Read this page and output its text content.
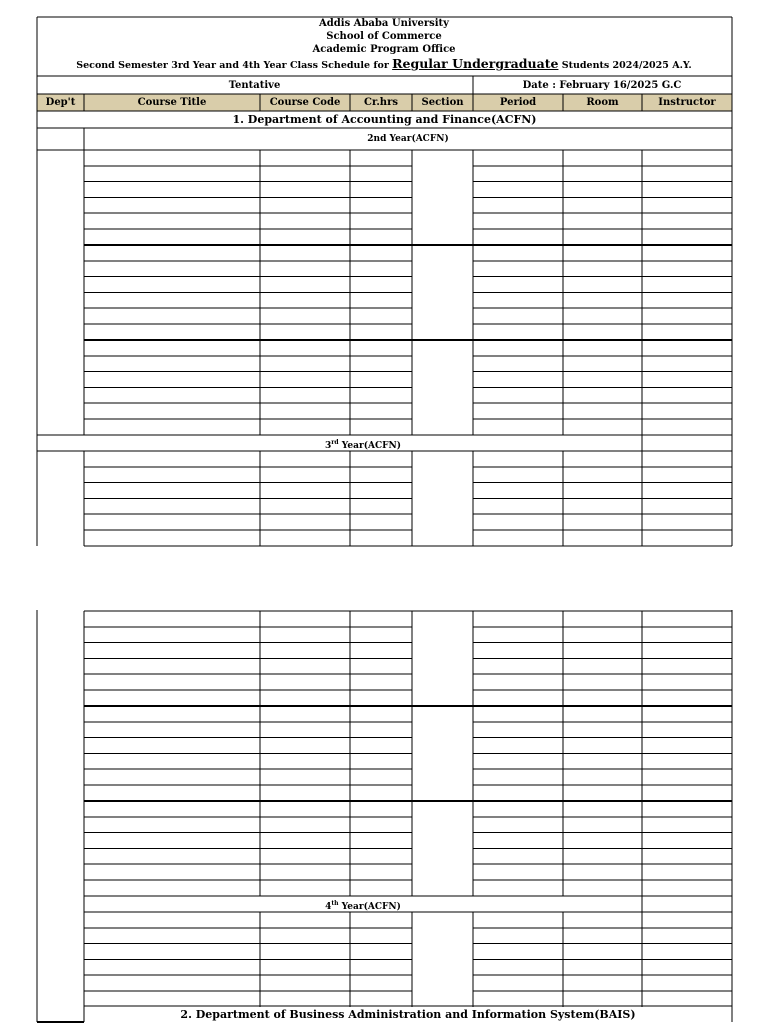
Addis Ababa University
School of Commerce
Academic Program Office
Second Semester 3rd Year and 4th Year Class Schedule for Regular Undergraduate Students 2024/2025 A.Y.
Tentative	Date : February 16/2025 G.C
Dep't	Course Title	Course Code	Cr.hrs	Section	Period	Room	Instructor
1. Department of Accounting and Finance(ACFN)
2nd Year(ACFN)
3rd Year(ACFN)
4th Year(ACFN)
2. Department of Business Administration and Information System(BAIS)
